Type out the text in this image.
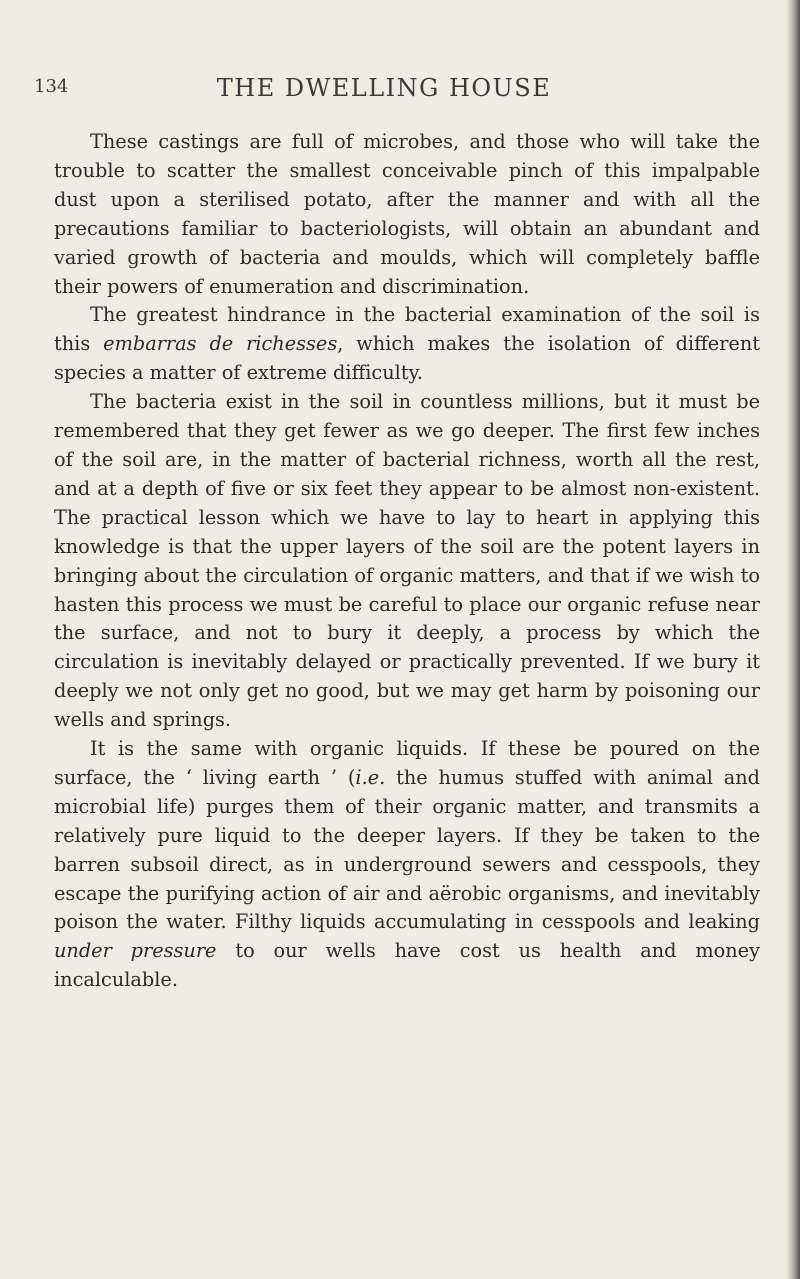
134	THE DWELLING HOUSE

These castings are full of microbes, and those who will take the trouble to scatter the smallest conceivable pinch of this impalpable dust upon a sterilised potato, after the manner and with all the precautions familiar to bacteriologists, will obtain an abundant and varied growth of bacteria and moulds, which will completely baffle their powers of enumeration and discrimination.

The greatest hindrance in the bacterial examination of the soil is this embarras de richesses, which makes the isolation of different species a matter of extreme difficulty.

The bacteria exist in the soil in countless millions, but it must be remembered that they get fewer as we go deeper. The first few inches of the soil are, in the matter of bacterial richness, worth all the rest, and at a depth of five or six feet they appear to be almost non-existent. The practical lesson which we have to lay to heart in applying this knowledge is that the upper layers of the soil are the potent layers in bringing about the circulation of organic matters, and that if we wish to hasten this process we must be careful to place our organic refuse near the surface, and not to bury it deeply, a process by which the circulation is inevitably delayed or practically prevented. If we bury it deeply we not only get no good, but we may get harm by poisoning our wells and springs.

It is the same with organic liquids. If these be poured on the surface, the ‘ living earth ’ (i.e. the humus stuffed with animal and microbial life) purges them of their organic matter, and transmits a relatively pure liquid to the deeper layers. If they be taken to the barren subsoil direct, as in underground sewers and cesspools, they escape the purifying action of air and aërobic organisms, and inevitably poison the water. Filthy liquids accumulating in cesspools and leaking under pressure to our wells have cost us health and money incalculable.
